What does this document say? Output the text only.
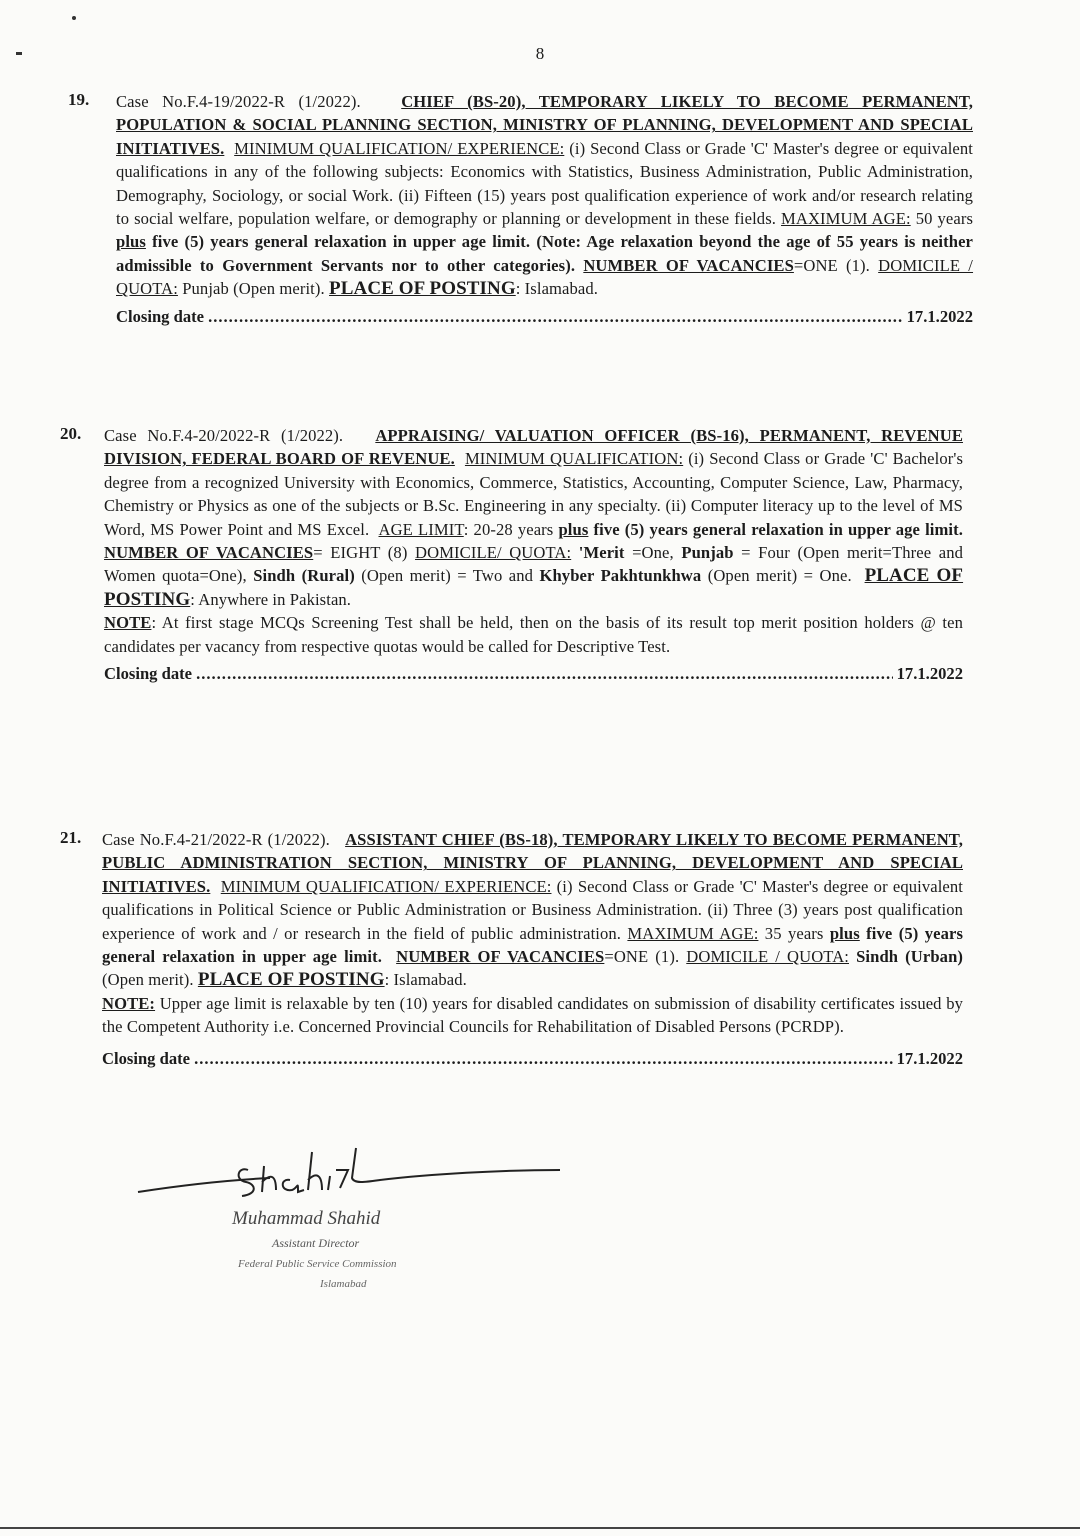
8
19. Case No.F.4-19/2022-R (1/2022). CHIEF (BS-20), TEMPORARY LIKELY TO BECOME PERMANENT, POPULATION & SOCIAL PLANNING SECTION, MINISTRY OF PLANNING, DEVELOPMENT AND SPECIAL INITIATIVES. MINIMUM QUALIFICATION/ EXPERIENCE: (i) Second Class or Grade 'C' Master's degree or equivalent qualifications in any of the following subjects: Economics with Statistics, Business Administration, Public Administration, Demography, Sociology, or social Work. (ii) Fifteen (15) years post qualification experience of work and/or research relating to social welfare, population welfare, or demography or planning or development in these fields. MAXIMUM AGE: 50 years plus five (5) years general relaxation in upper age limit. (Note: Age relaxation beyond the age of 55 years is neither admissible to Government Servants nor to other categories). NUMBER OF VACANCIES=ONE (1). DOMICILE / QUOTA: Punjab (Open merit). PLACE OF POSTING: Islamabad.
Closing date .....	17.1.2022
20. Case No.F.4-20/2022-R (1/2022). APPRAISING/ VALUATION OFFICER (BS-16), PERMANENT, REVENUE DIVISION, FEDERAL BOARD OF REVENUE. MINIMUM QUALIFICATION: (i) Second Class or Grade 'C' Bachelor's degree from a recognized University with Economics, Commerce, Statistics, Accounting, Computer Science, Law, Pharmacy, Chemistry or Physics as one of the subjects or B.Sc. Engineering in any specialty. (ii) Computer literacy up to the level of MS Word, MS Power Point and MS Excel. AGE LIMIT: 20-28 years plus five (5) years general relaxation in upper age limit. NUMBER OF VACANCIES= EIGHT (8) DOMICILE/ QUOTA: 'Merit =One, Punjab = Four (Open merit=Three and Women quota=One), Sindh (Rural) (Open merit) = Two and Khyber Pakhtunkhwa (Open merit) = One. PLACE OF POSTING: Anywhere in Pakistan.
NOTE: At first stage MCQs Screening Test shall be held, then on the basis of its result top merit position holders @ ten candidates per vacancy from respective quotas would be called for Descriptive Test.
Closing date .....	17.1.2022
21. Case No.F.4-21/2022-R (1/2022). ASSISTANT CHIEF (BS-18), TEMPORARY LIKELY TO BECOME PERMANENT, PUBLIC ADMINISTRATION SECTION, MINISTRY OF PLANNING, DEVELOPMENT AND SPECIAL INITIATIVES. MINIMUM QUALIFICATION/ EXPERIENCE: (i) Second Class or Grade 'C' Master's degree or equivalent qualifications in Political Science or Public Administration or Business Administration. (ii) Three (3) years post qualification experience of work and / or research in the field of public administration. MAXIMUM AGE: 35 years plus five (5) years general relaxation in upper age limit. NUMBER OF VACANCIES=ONE (1). DOMICILE / QUOTA: Sindh (Urban) (Open merit). PLACE OF POSTING: Islamabad.
NOTE: Upper age limit is relaxable by ten (10) years for disabled candidates on submission of disability certificates issued by the Competent Authority i.e. Concerned Provincial Councils for Rehabilitation of Disabled Persons (PCRDP).
Closing date .....	17.1.2022
Muhammad Shahid
Assistant Director
Federal Public Service Commission
Islamabad
